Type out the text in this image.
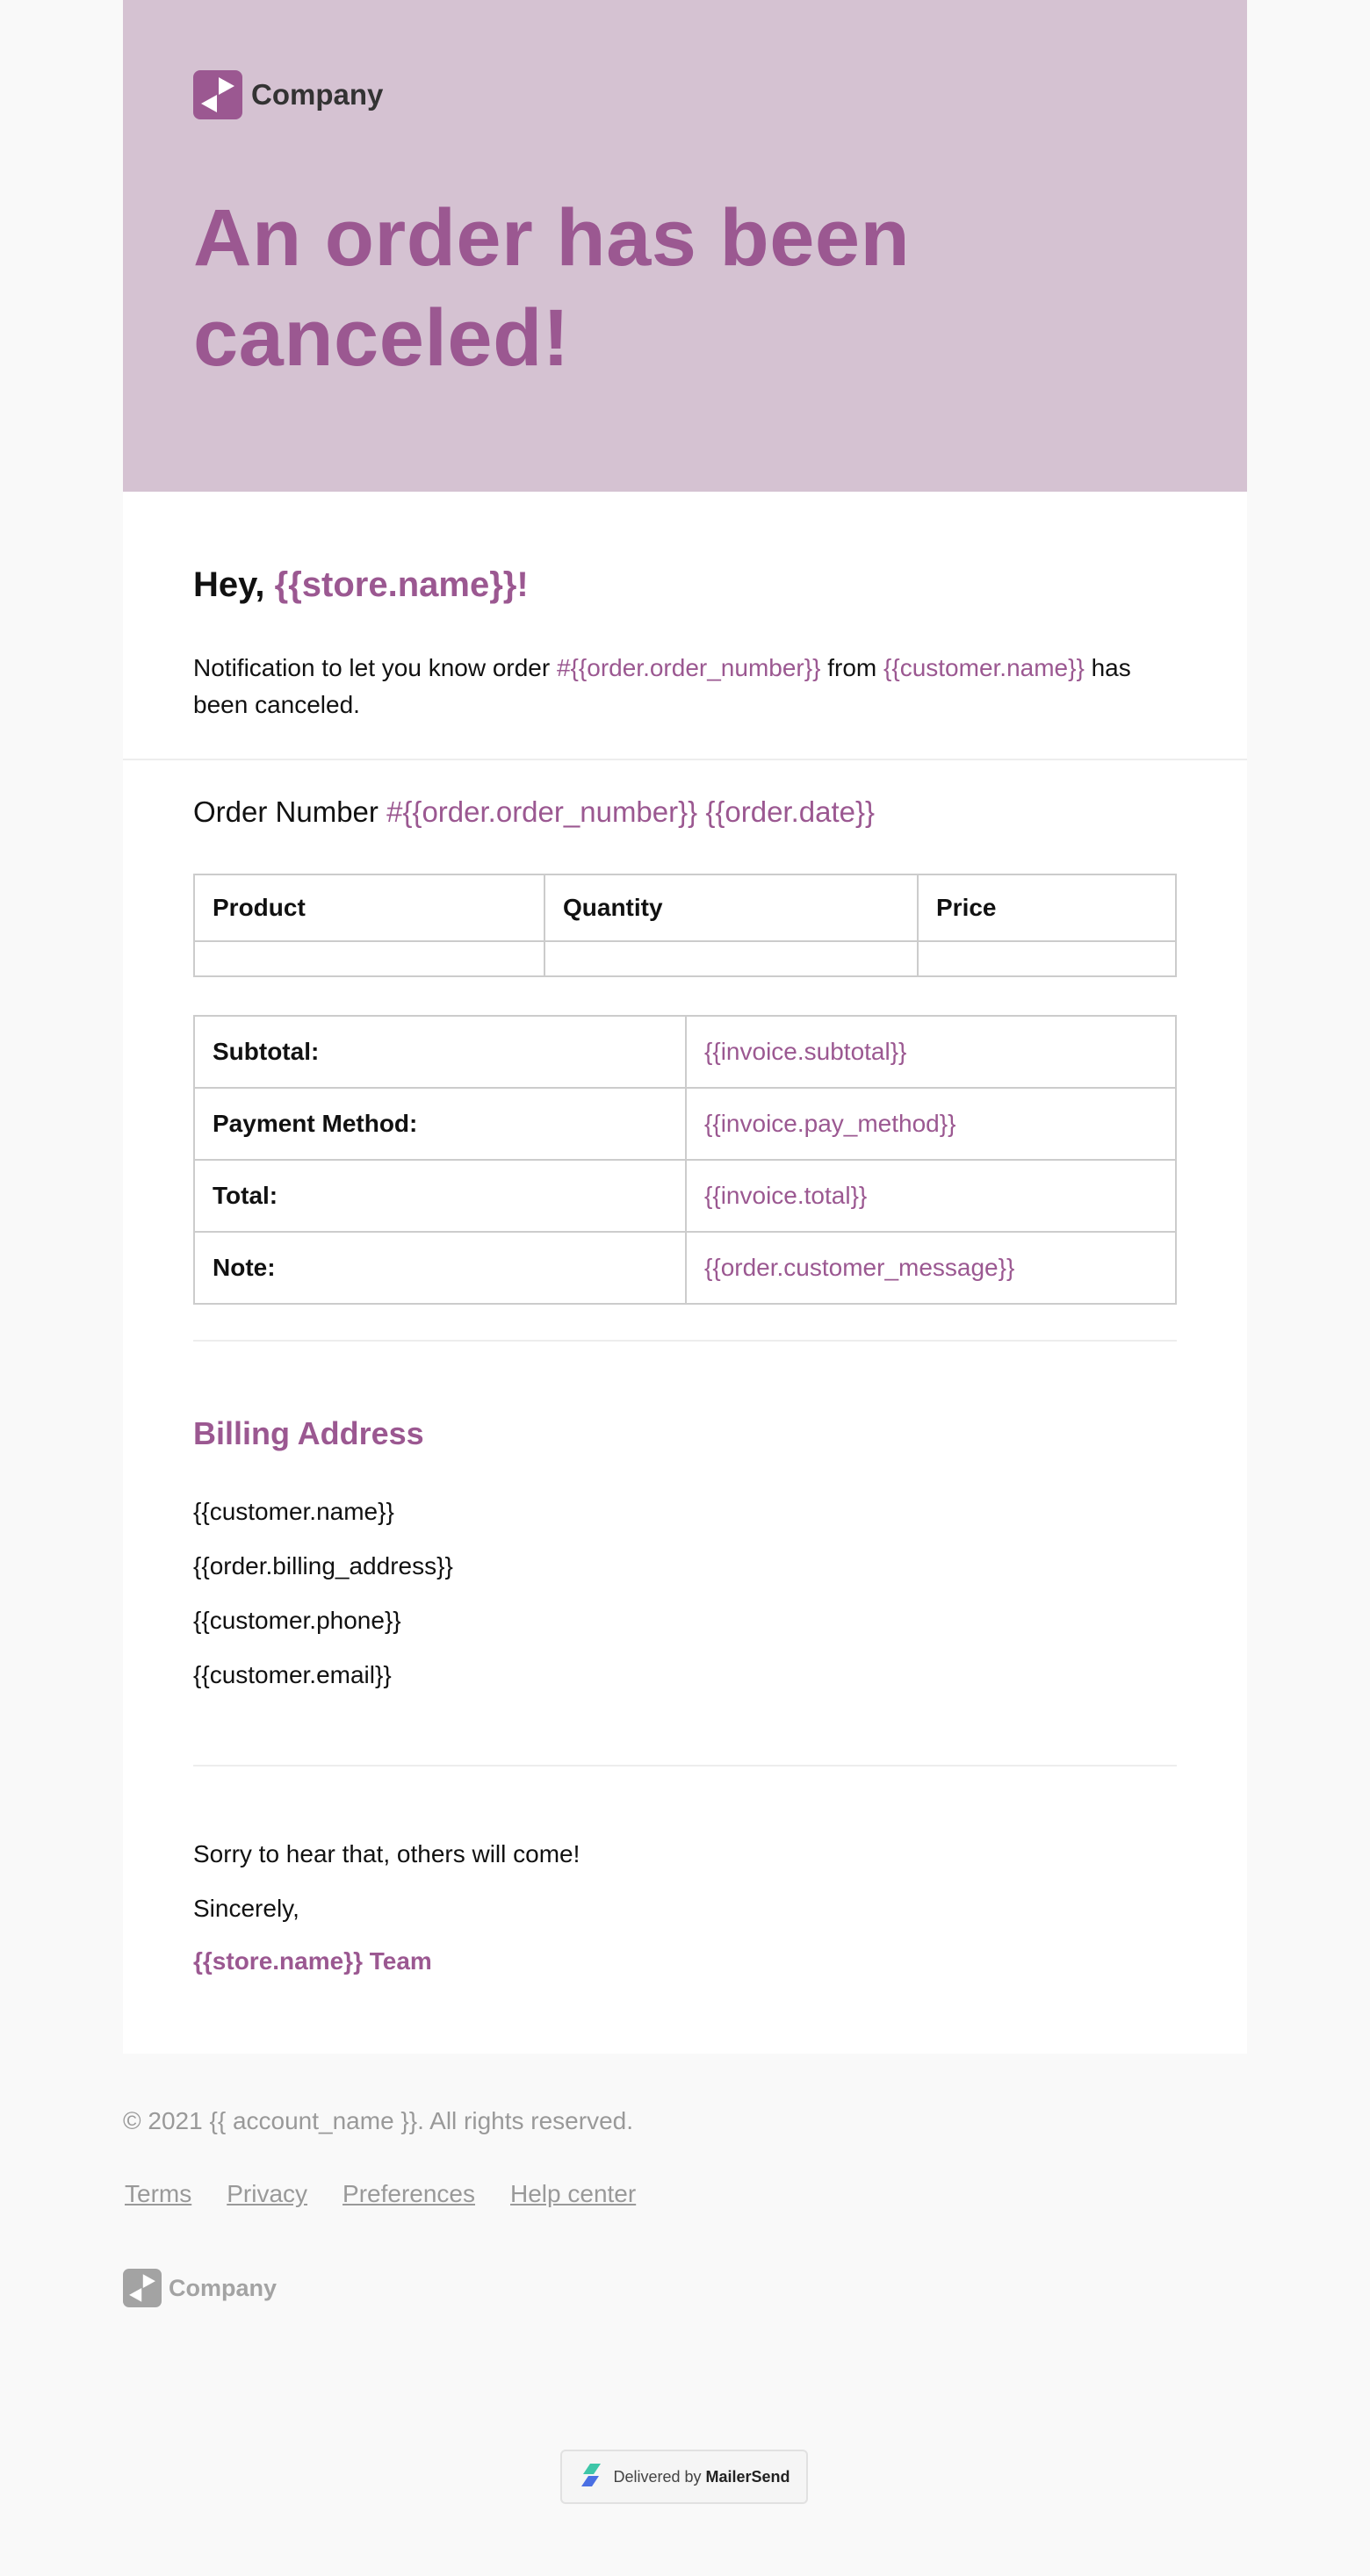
Company
An order has been canceled!

Hey, {{store.name}}!

Notification to let you know order #{{order.order_number}} from {{customer.name}} has been canceled.

Order Number #{{order.order_number}} {{order.date}}

Product	Quantity	Price

Subtotal:	{{invoice.subtotal}}
Payment Method:	{{invoice.pay_method}}
Total:	{{invoice.total}}
Note:	{{order.customer_message}}
Billing Address

{{customer.name}}

{{order.billing_address}}

{{customer.phone}}

{{customer.email}}

Sorry to hear that, others will come!

Sincerely,

{{store.name}} Team

© 2021 {{ account_name }}. All rights reserved.

Terms Privacy Preferences Help center
Company
Delivered by MailerSend
